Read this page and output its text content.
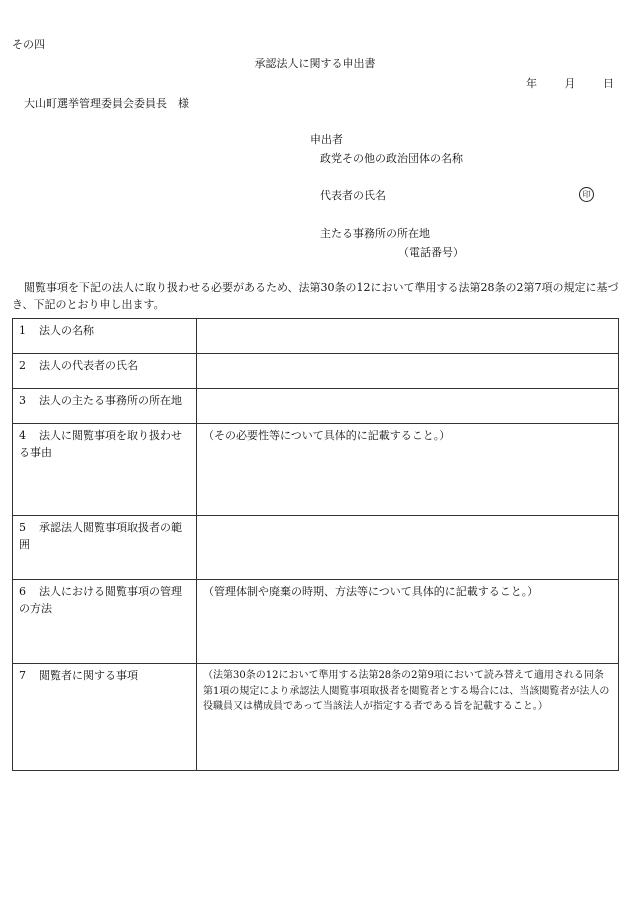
その四
承認法人に関する申出書
年	月	日
大山町選挙管理委員会委員長　様
申出者
政党その他の政治団体の名称
代表者の氏名	印
主たる事務所の所在地
（電話番号）
閲覧事項を下記の法人に取り扱わせる必要があるため、法第30条の12において準用する法第28条の2第7項の規定に基づき、下記のとおり申し出ます。
1 法人の名称	
2 法人の代表者の氏名	
3 法人の主たる事務所の所在地	
4 法人に閲覧事項を取り扱わせる事由	（その必要性等について具体的に記載すること。）
5 承認法人閲覧事項取扱者の範囲	
6 法人における閲覧事項の管理の方法	（管理体制や廃棄の時期、方法等について具体的に記載すること。）
7 閲覧者に関する事項	（法第30条の12において準用する法第28条の2第9項において読み替えて適用される同条第1項の規定により承認法人閲覧事項取扱者を閲覧者とする場合には、当該閲覧者が法人の役職員又は構成員であって当該法人が指定する者である旨を記載すること。）
